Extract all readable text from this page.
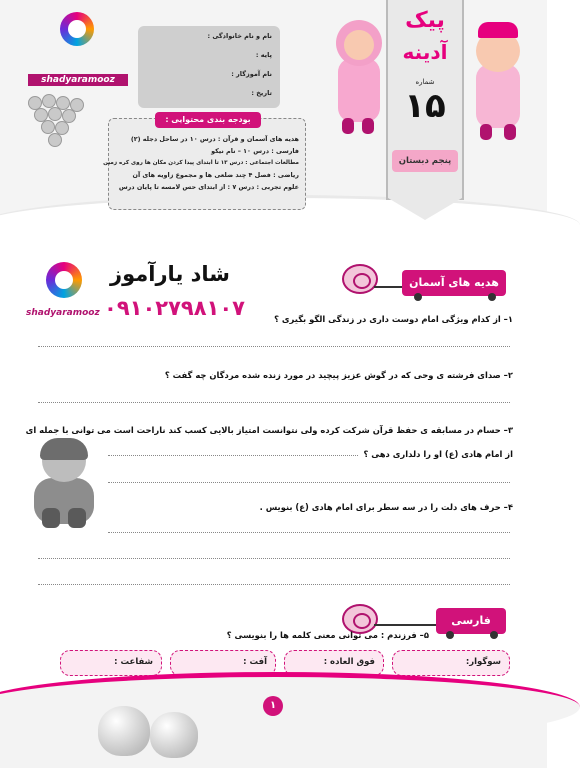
shadyaramooz
نام و نام خانوادگی :
پایه :
نام آموزگار :
تاریخ :
بودجه بندی محتوایی :
هدیه های آسمان و قرآن : درس ۱۰ در ساحل دجله (۲)
فارسی : درس ۱۰ – نام نیکو
مطالعات اجتماعی : درس ۱۳ تا ابتدای پیدا کردن مکان ها روی کره زمین
ریاضی : فصل ۴ چند ضلعی ها و مجموع زاویه های آن
علوم تجربی : درس ۷ : از ابتدای حس لامسه تا پایان درس
پیک
آدینه
شماره
۱۵
پنجم دبستان
shadyaramooz
شاد یارآموز
۰۹۱۰۲۷۹۸۱۰۷
هدیه های آسمان
۱– از کدام ویژگی امام دوست داری در زندگی الگو بگیری ؟
۲– صدای فرشته ی وحی که در گوش عزیز پیچید در مورد زنده شده مردگان چه گفت ؟
۳– حسام در مسابقه ی حفظ قرآن شرکت کرده ولی نتوانست امتیاز بالایی کسب کند ناراحت است می توانی با جمله ای
از امام هادی (ع) او را دلداری دهی ؟
۴– حرف های دلت را در سه سطر برای امام هادی (ع) بنویس .
فارسی
۵– فرزندم : می توانی معنی کلمه ها را بنویسی ؟
سوگوار:
فوق العاده :
آفت :
شفاعت :
۱
